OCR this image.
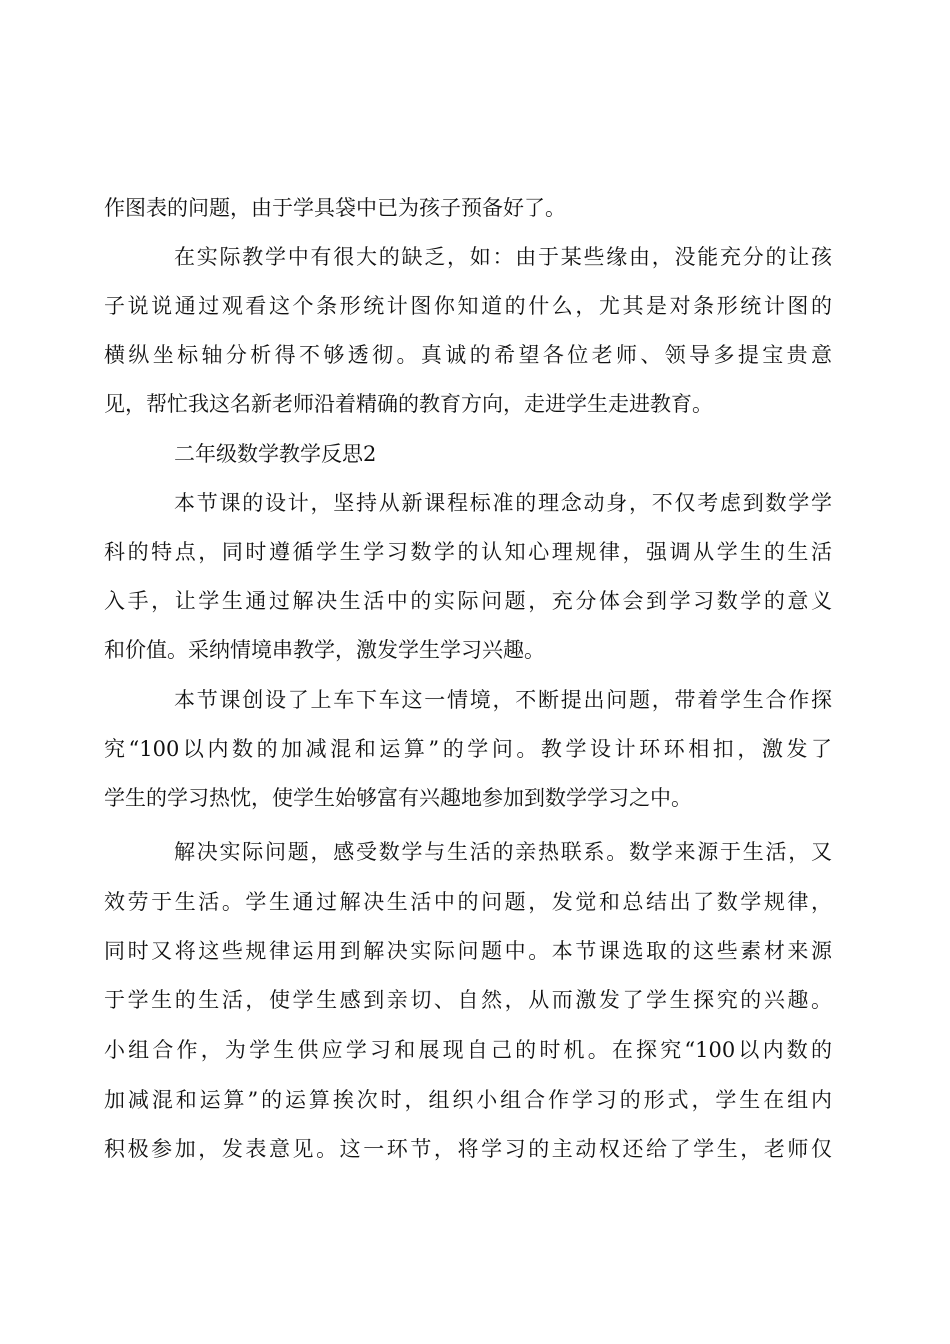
作图表的问题，由于学具袋中已为孩子预备好了。
在实际教学中有很大的缺乏，如：由于某些缘由，没能充分的让孩
子说说通过观看这个条形统计图你知道的什么，尤其是对条形统计图的
横纵坐标轴分析得不够透彻。真诚的希望各位老师、领导多提宝贵意
见，帮忙我这名新老师沿着精确的教育方向，走进学生走进教育。
二年级数学教学反思2
本节课的设计，坚持从新课程标准的理念动身，不仅考虑到数学学
科的特点，同时遵循学生学习数学的认知心理规律，强调从学生的生活
入手，让学生通过解决生活中的实际问题，充分体会到学习数学的意义
和价值。采纳情境串教学，激发学生学习兴趣。
本节课创设了上车下车这一情境，不断提出问题，带着学生合作探
究“100以内数的加减混和运算”的学问。教学设计环环相扣，激发了
学生的学习热忱，使学生始够富有兴趣地参加到数学学习之中。
解决实际问题，感受数学与生活的亲热联系。数学来源于生活，又
效劳于生活。学生通过解决生活中的问题，发觉和总结出了数学规律，
同时又将这些规律运用到解决实际问题中。本节课选取的这些素材来源
于学生的生活，使学生感到亲切、自然，从而激发了学生探究的兴趣。
小组合作，为学生供应学习和展现自己的时机。在探究“100以内数的
加减混和运算”的运算挨次时，组织小组合作学习的形式，学生在组内
积极参加，发表意见。这一环节，将学习的主动权还给了学生，老师仅
